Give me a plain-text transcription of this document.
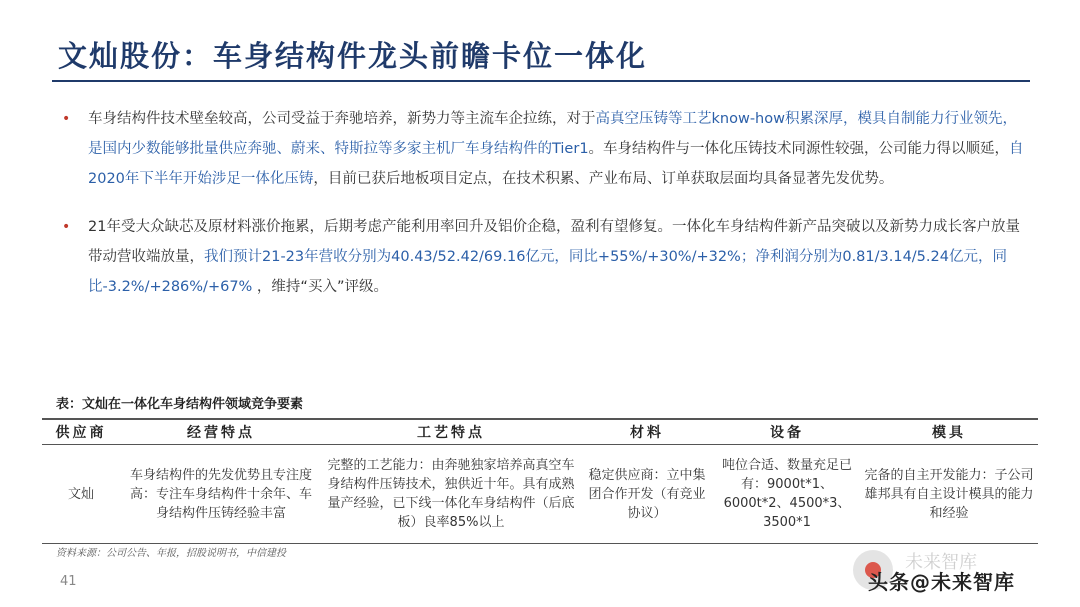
文灿股份：车身结构件龙头前瞻卡位一体化
• 车身结构件技术壁垒较高，公司受益于奔驰培养，新势力等主流车企拉练，对于高真空压铸等工艺know-how积累深厚，模具自制能力行业领先，是国内少数能够批量供应奔驰、蔚来、特斯拉等多家主机厂车身结构件的Tier1。车身结构件与一体化压铸技术同源性较强，公司能力得以顺延，自2020年下半年开始涉足一体化压铸，目前已获后地板项目定点，在技术积累、产业布局、订单获取层面均具备显著先发优势。
• 21年受大众缺芯及原材料涨价拖累，后期考虑产能利用率回升及铝价企稳，盈利有望修复。一体化车身结构件新产品突破以及新势力成长客户放量带动营收端放量，我们预计21-23年营收分别为40.43/52.42/69.16亿元，同比+55%/+30%/+32%；净利润分别为0.81/3.14/5.24亿元，同比-3.2%/+286%/+67% ，维持“买入”评级。
表：文灿在一体化车身结构件领域竞争要素
供应商	经营特点	工艺特点	材料	设备	模具
文灿	车身结构件的先发优势且专注度高：专注车身结构件十余年、车身结构件压铸经验丰富	完整的工艺能力：由奔驰独家培养高真空车身结构件压铸技术，独供近十年。具有成熟量产经验，已下线一体化车身结构件（后底板）良率85%以上	稳定供应商：立中集团合作开发（有竞业协议）	吨位合适、数量充足已有：9000t*1、6000t*2、4500*3、3500*1	完备的自主开发能力：子公司雄邦具有自主设计模具的能力和经验
资料来源：公司公告、年报，招股说明书，中信建投
41
未来智库
头条@未来智库
